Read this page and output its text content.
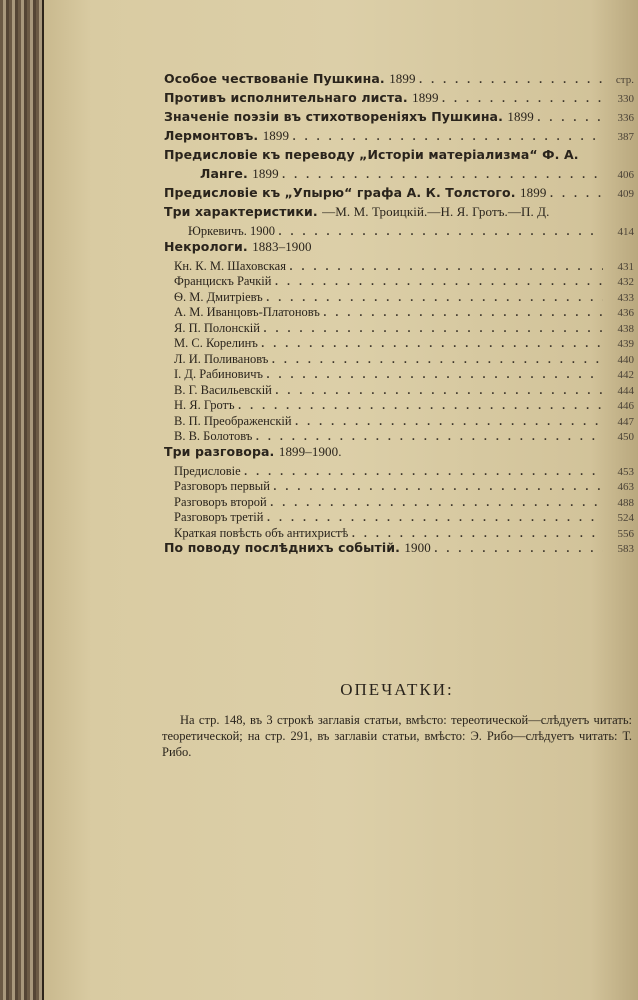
Особое чествованіе Пушкина. 1899 . . .	стр.
Противъ исполнительнаго листа. 1899 . . .	330
Значеніе поэзіи въ стихотвореніяхъ Пушкина. 1899 . . .	336
Лермонтовъ. 1899 . . .	387
Предисловіе къ переводу „Исторіи матеріализма“ Ф. А.
Ланге. 1899 . . .	406
Предисловіе къ „Упырю“ графа А. К. Толстого. 1899 . . .	409
Три характеристики. —М. М. Троицкій.—Н. Я. Гротъ.—П. Д.
Юркевичъ. 1900 . . .	414
Некрологи. 1883–1900
Кн. К. М. Шаховская . . .	431
Францискъ Рачкій . . .	432
Ѳ. М. Дмитріевъ . . .	433
А. М. Иванцовъ-Платоновъ . . .	436
Я. П. Полонскій . . .	438
М. С. Корелинъ . . .	439
Л. И. Поливановъ . . .	440
І. Д. Рабиновичъ . . .	442
В. Г. Васильевскій . . .	444
Н. Я. Гротъ . . .	446
В. П. Преображенскій . . .	447
В. В. Болотовъ . . .	450
Три разговора. 1899–1900.
Предисловіе . . .	453
Разговоръ первый . . .	463
Разговоръ второй . . .	488
Разговоръ третій . . .	524
Краткая повѣсть объ антихристѣ . . .	556
По поводу послѣднихъ событій. 1900 . . .	583
ОПЕЧАТКИ:

На стр. 148, въ 3 строкѣ заглавія статьи, вмѣсто: тереотической—слѣдуетъ читать: теоретической; на стр. 291, въ заглавіи статьи, вмѣсто: Э. Рибо—слѣдуетъ читать: Т. Рибо.
